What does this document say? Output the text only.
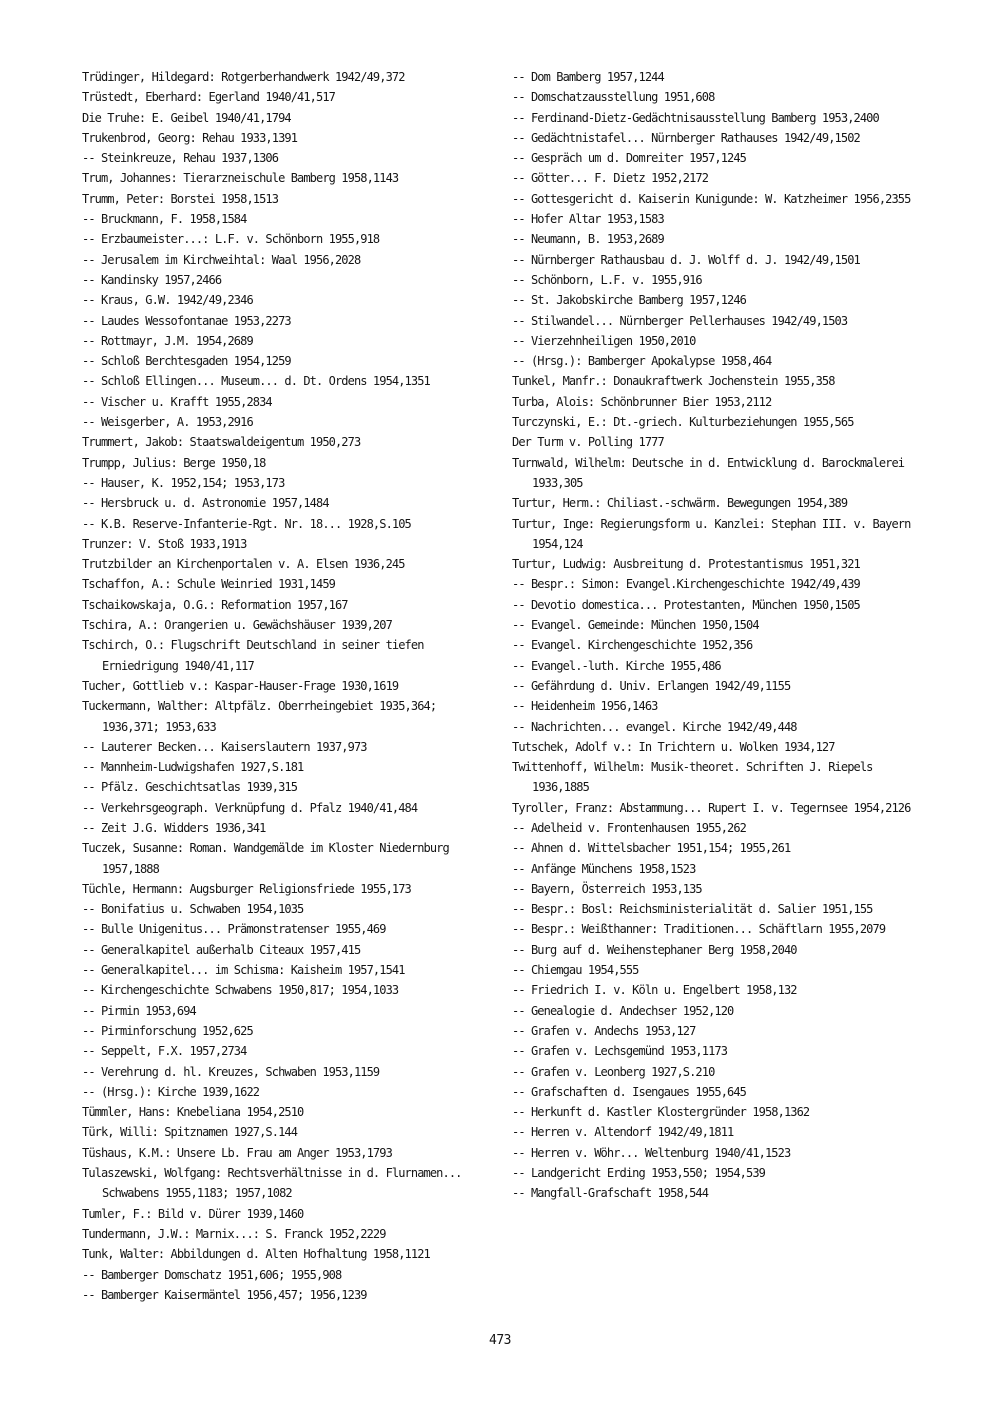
Trüdinger, Hildegard: Rotgerberhandwerk 1942/49,372
Trüstedt, Eberhard: Egerland 1940/41,517
Die Truhe: E. Geibel 1940/41,1794
Trukenbrod, Georg: Rehau 1933,1391
-- Steinkreuze, Rehau 1937,1306
Trum, Johannes: Tierarzneischule Bamberg 1958,1143
Trumm, Peter: Borstei 1958,1513
-- Bruckmann, F. 1958,1584
-- Erzbaumeister...: L.F. v. Schönborn 1955,918
-- Jerusalem im Kirchweihtal: Waal 1956,2028
-- Kandinsky 1957,2466
-- Kraus, G.W. 1942/49,2346
-- Laudes Wessofontanae 1953,2273
-- Rottmayr, J.M. 1954,2689
-- Schloß Berchtesgaden 1954,1259
-- Schloß Ellingen... Museum... d. Dt. Ordens 1954,1351
-- Vischer u. Krafft 1955,2834
-- Weisgerber, A. 1953,2916
Trummert, Jakob: Staatswaldeigentum 1950,273
Trumpp, Julius: Berge 1950,18
-- Hauser, K. 1952,154; 1953,173
-- Hersbruck u. d. Astronomie 1957,1484
-- K.B. Reserve-Infanterie-Rgt. Nr. 18... 1928,S.105
Trunzer: V. Stoß 1933,1913
Trutzbilder an Kirchenportalen v. A. Elsen 1936,245
Tschaffon, A.: Schule Weinried 1931,1459
Tschaikowskaja, O.G.: Reformation 1957,167
Tschira, A.: Orangerien u. Gewächshäuser 1939,207
Tschirch, O.: Flugschrift Deutschland in seiner tiefen Erniedrigung 1940/41,117
Tucher, Gottlieb v.: Kaspar-Hauser-Frage 1930,1619
Tuckermann, Walther: Altpfälz. Oberrheingebiet 1935,364; 1936,371; 1953,633
-- Lauterer Becken... Kaiserslautern 1937,973
-- Mannheim-Ludwigshafen 1927,S.181
-- Pfälz. Geschichtsatlas 1939,315
-- Verkehrsgeograph. Verknüpfung d. Pfalz 1940/41,484
-- Zeit J.G. Widders 1936,341
Tuczek, Susanne: Roman. Wandgemälde im Kloster Niedernburg 1957,1888
Tüchle, Hermann: Augsburger Religionsfriede 1955,173
-- Bonifatius u. Schwaben 1954,1035
-- Bulle Unigenitus... Prämonstratenser 1955,469
-- Generalkapitel außerhalb Citeaux 1957,415
-- Generalkapitel... im Schisma: Kaisheim 1957,1541
-- Kirchengeschichte Schwabens 1950,817; 1954,1033
-- Pirmin 1953,694
-- Pirminforschung 1952,625
-- Seppelt, F.X. 1957,2734
-- Verehrung d. hl. Kreuzes, Schwaben 1953,1159
-- (Hrsg.): Kirche 1939,1622
Tümmler, Hans: Knebeliana 1954,2510
Türk, Willi: Spitznamen 1927,S.144
Tüshaus, K.M.: Unsere Lb. Frau am Anger 1953,1793
Tulaszewski, Wolfgang: Rechtsverhältnisse in d. Flurnamen... Schwabens 1955,1183; 1957,1082
Tumler, F.: Bild v. Dürer 1939,1460
Tundermann, J.W.: Marnix...: S. Franck 1952,2229
Tunk, Walter: Abbildungen d. Alten Hofhaltung 1958,1121
-- Bamberger Domschatz 1951,606; 1955,908
-- Bamberger Kaisermäntel 1956,457; 1956,1239
-- Dom Bamberg 1957,1244
-- Domschatzausstellung 1951,608
-- Ferdinand-Dietz-Gedächtnisausstellung Bamberg 1953,2400
-- Gedächtnistafel... Nürnberger Rathauses 1942/49,1502
-- Gespräch um d. Domreiter 1957,1245
-- Götter... F. Dietz 1952,2172
-- Gottesgericht d. Kaiserin Kunigunde: W. Katzheimer 1956,2355
-- Hofer Altar 1953,1583
-- Neumann, B. 1953,2689
-- Nürnberger Rathausbau d. J. Wolff d. J. 1942/49,1501
-- Schönborn, L.F. v. 1955,916
-- St. Jakobskirche Bamberg 1957,1246
-- Stilwandel... Nürnberger Pellerhauses 1942/49,1503
-- Vierzehnheiligen 1950,2010
-- (Hrsg.): Bamberger Apokalypse 1958,464
Tunkel, Manfr.: Donaukraftwerk Jochenstein 1955,358
Turba, Alois: Schönbrunner Bier 1953,2112
Turczynski, E.: Dt.-griech. Kulturbeziehungen 1955,565
Der Turm v. Polling 1777
Turnwald, Wilhelm: Deutsche in d. Entwicklung d. Barockmalerei 1933,305
Turtur, Herm.: Chiliast.-schwärm. Bewegungen 1954,389
Turtur, Inge: Regierungsform u. Kanzlei: Stephan III. v. Bayern 1954,124
Turtur, Ludwig: Ausbreitung d. Protestantismus 1951,321
-- Bespr.: Simon: Evangel.Kirchengeschichte 1942/49,439
-- Devotio domestica... Protestanten, München 1950,1505
-- Evangel. Gemeinde: München 1950,1504
-- Evangel. Kirchengeschichte 1952,356
-- Evangel.-luth. Kirche 1955,486
-- Gefährdung d. Univ. Erlangen 1942/49,1155
-- Heidenheim 1956,1463
-- Nachrichten... evangel. Kirche 1942/49,448
Tutschek, Adolf v.: In Trichtern u. Wolken 1934,127
Twittenhoff, Wilhelm: Musik-theoret. Schriften J. Riepels 1936,1885
Tyroller, Franz: Abstammung... Rupert I. v. Tegernsee 1954,2126
-- Adelheid v. Frontenhausen 1955,262
-- Ahnen d. Wittelsbacher 1951,154; 1955,261
-- Anfänge Münchens 1958,1523
-- Bayern, Österreich 1953,135
-- Bespr.: Bosl: Reichsministerialität d. Salier 1951,155
-- Bespr.: Weißthanner: Traditionen... Schäftlarn 1955,2079
-- Burg auf d. Weihenstephaner Berg 1958,2040
-- Chiemgau 1954,555
-- Friedrich I. v. Köln u. Engelbert 1958,132
-- Genealogie d. Andechser 1952,120
-- Grafen v. Andechs 1953,127
-- Grafen v. Lechsgemünd 1953,1173
-- Grafen v. Leonberg 1927,S.210
-- Grafschaften d. Isengaues 1955,645
-- Herkunft d. Kastler Klostergründer 1958,1362
-- Herren v. Altendorf 1942/49,1811
-- Herren v. Wöhr... Weltenburg 1940/41,1523
-- Landgericht Erding 1953,550; 1954,539
-- Mangfall-Grafschaft 1958,544
473
